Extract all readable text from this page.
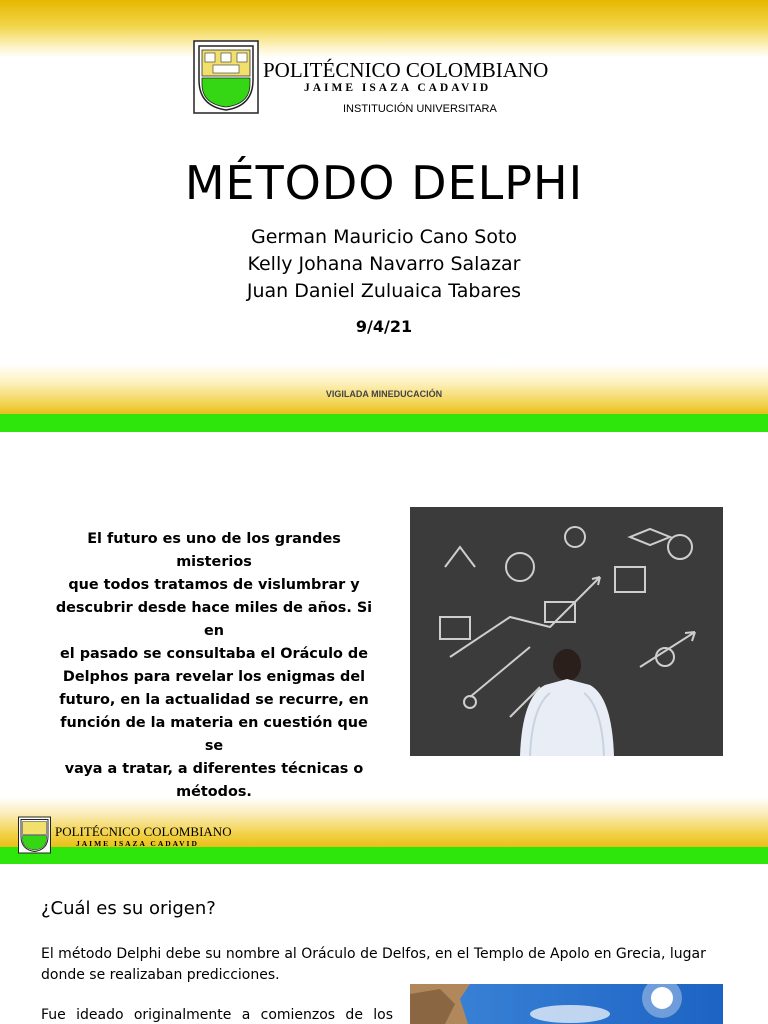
POLITÉCNICO COLOMBIANO
JAIME ISAZA CADAVID
INSTITUCIÓN UNIVERSITARA
MÉTODO DELPHI
German Mauricio Cano Soto
Kelly Johana Navarro Salazar
Juan Daniel Zuluaica Tabares
9/4/21
VIGILADA MINEDUCACIÓN
El futuro es uno de los grandes misterios
que todos tratamos de vislumbrar y
descubrir desde hace miles de años. Si en
el pasado se consultaba el Oráculo de
Delphos para revelar los enigmas del
futuro, en la actualidad se recurre, en
función de la materia en cuestión que se
vaya a tratar, a diferentes técnicas o
métodos.
POLITÉCNICO COLOMBIANO
JAIME ISAZA CADAVID
¿Cuál es su origen?
El método Delphi debe su nombre al Oráculo de Delfos, en el Templo de Apolo en Grecia, lugar
donde se realizaban predicciones.
Fue ideado originalmente a comienzos de los
